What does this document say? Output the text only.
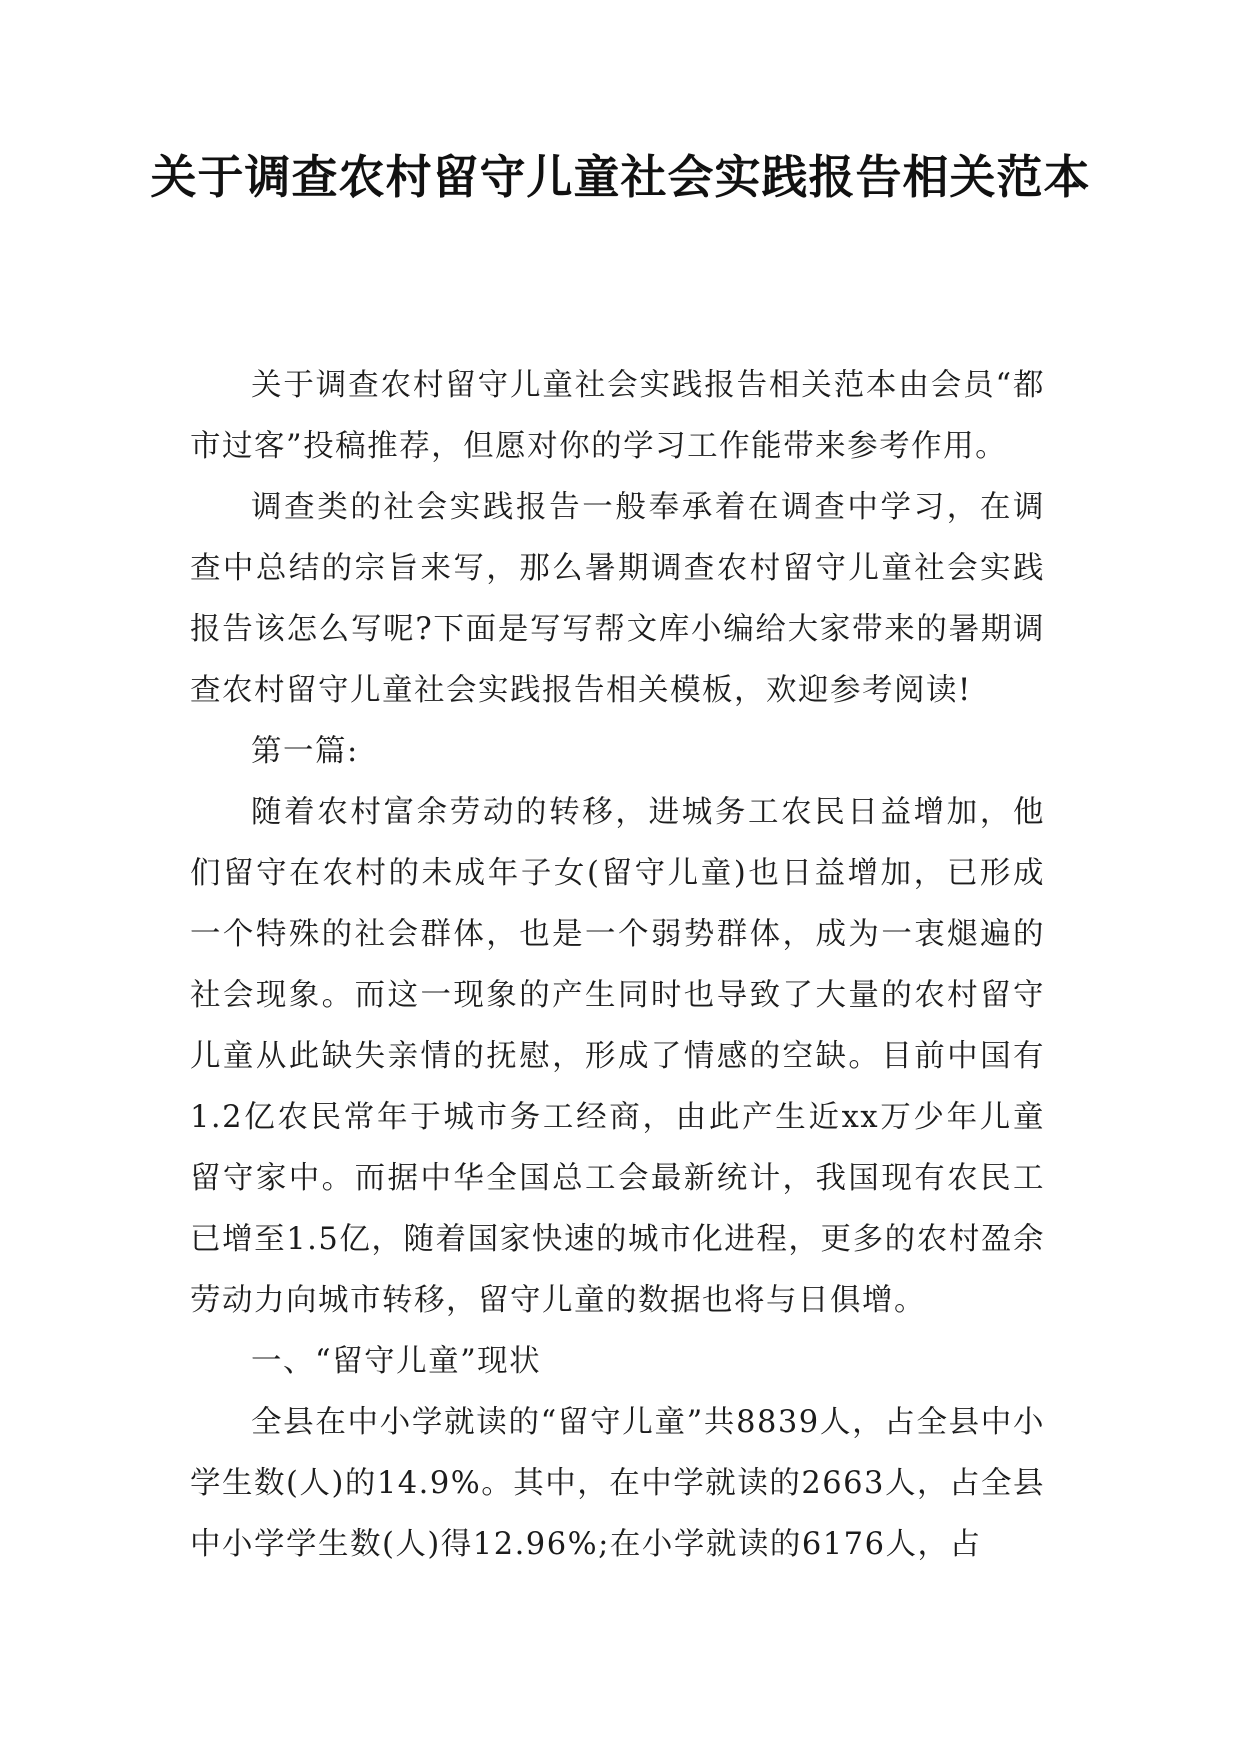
关于调查农村留守儿童社会实践报告相关范本

关于调查农村留守儿童社会实践报告相关范本由会员“都市过客”投稿推荐，但愿对你的学习工作能带来参考作用。

调查类的社会实践报告一般奉承着在调查中学习，在调查中总结的宗旨来写，那么暑期调查农村留守儿童社会实践报告该怎么写呢?下面是写写帮文库小编给大家带来的暑期调查农村留守儿童社会实践报告相关模板，欢迎参考阅读!

第一篇:

随着农村富余劳动的转移，进城务工农民日益增加，他们留守在农村的未成年子女(留守儿童)也日益增加，已形成一个特殊的社会群体，也是一个弱势群体，成为一衷煺遍的社会现象。而这一现象的产生同时也导致了大量的农村留守儿童从此缺失亲情的抚慰，形成了情感的空缺。目前中国有1.2亿农民常年于城市务工经商，由此产生近xx万少年儿童留守家中。而据中华全国总工会最新统计，我国现有农民工已增至1.5亿，随着国家快速的城市化进程，更多的农村盈余劳动力向城市转移，留守儿童的数据也将与日俱增。

一、“留守儿童”现状

全县在中小学就读的“留守儿童”共8839人，占全县中小学生数(人)的14.9%。其中，在中学就读的2663人，占全县中小学学生数(人)得12.96%;在小学就读的6176人，占
